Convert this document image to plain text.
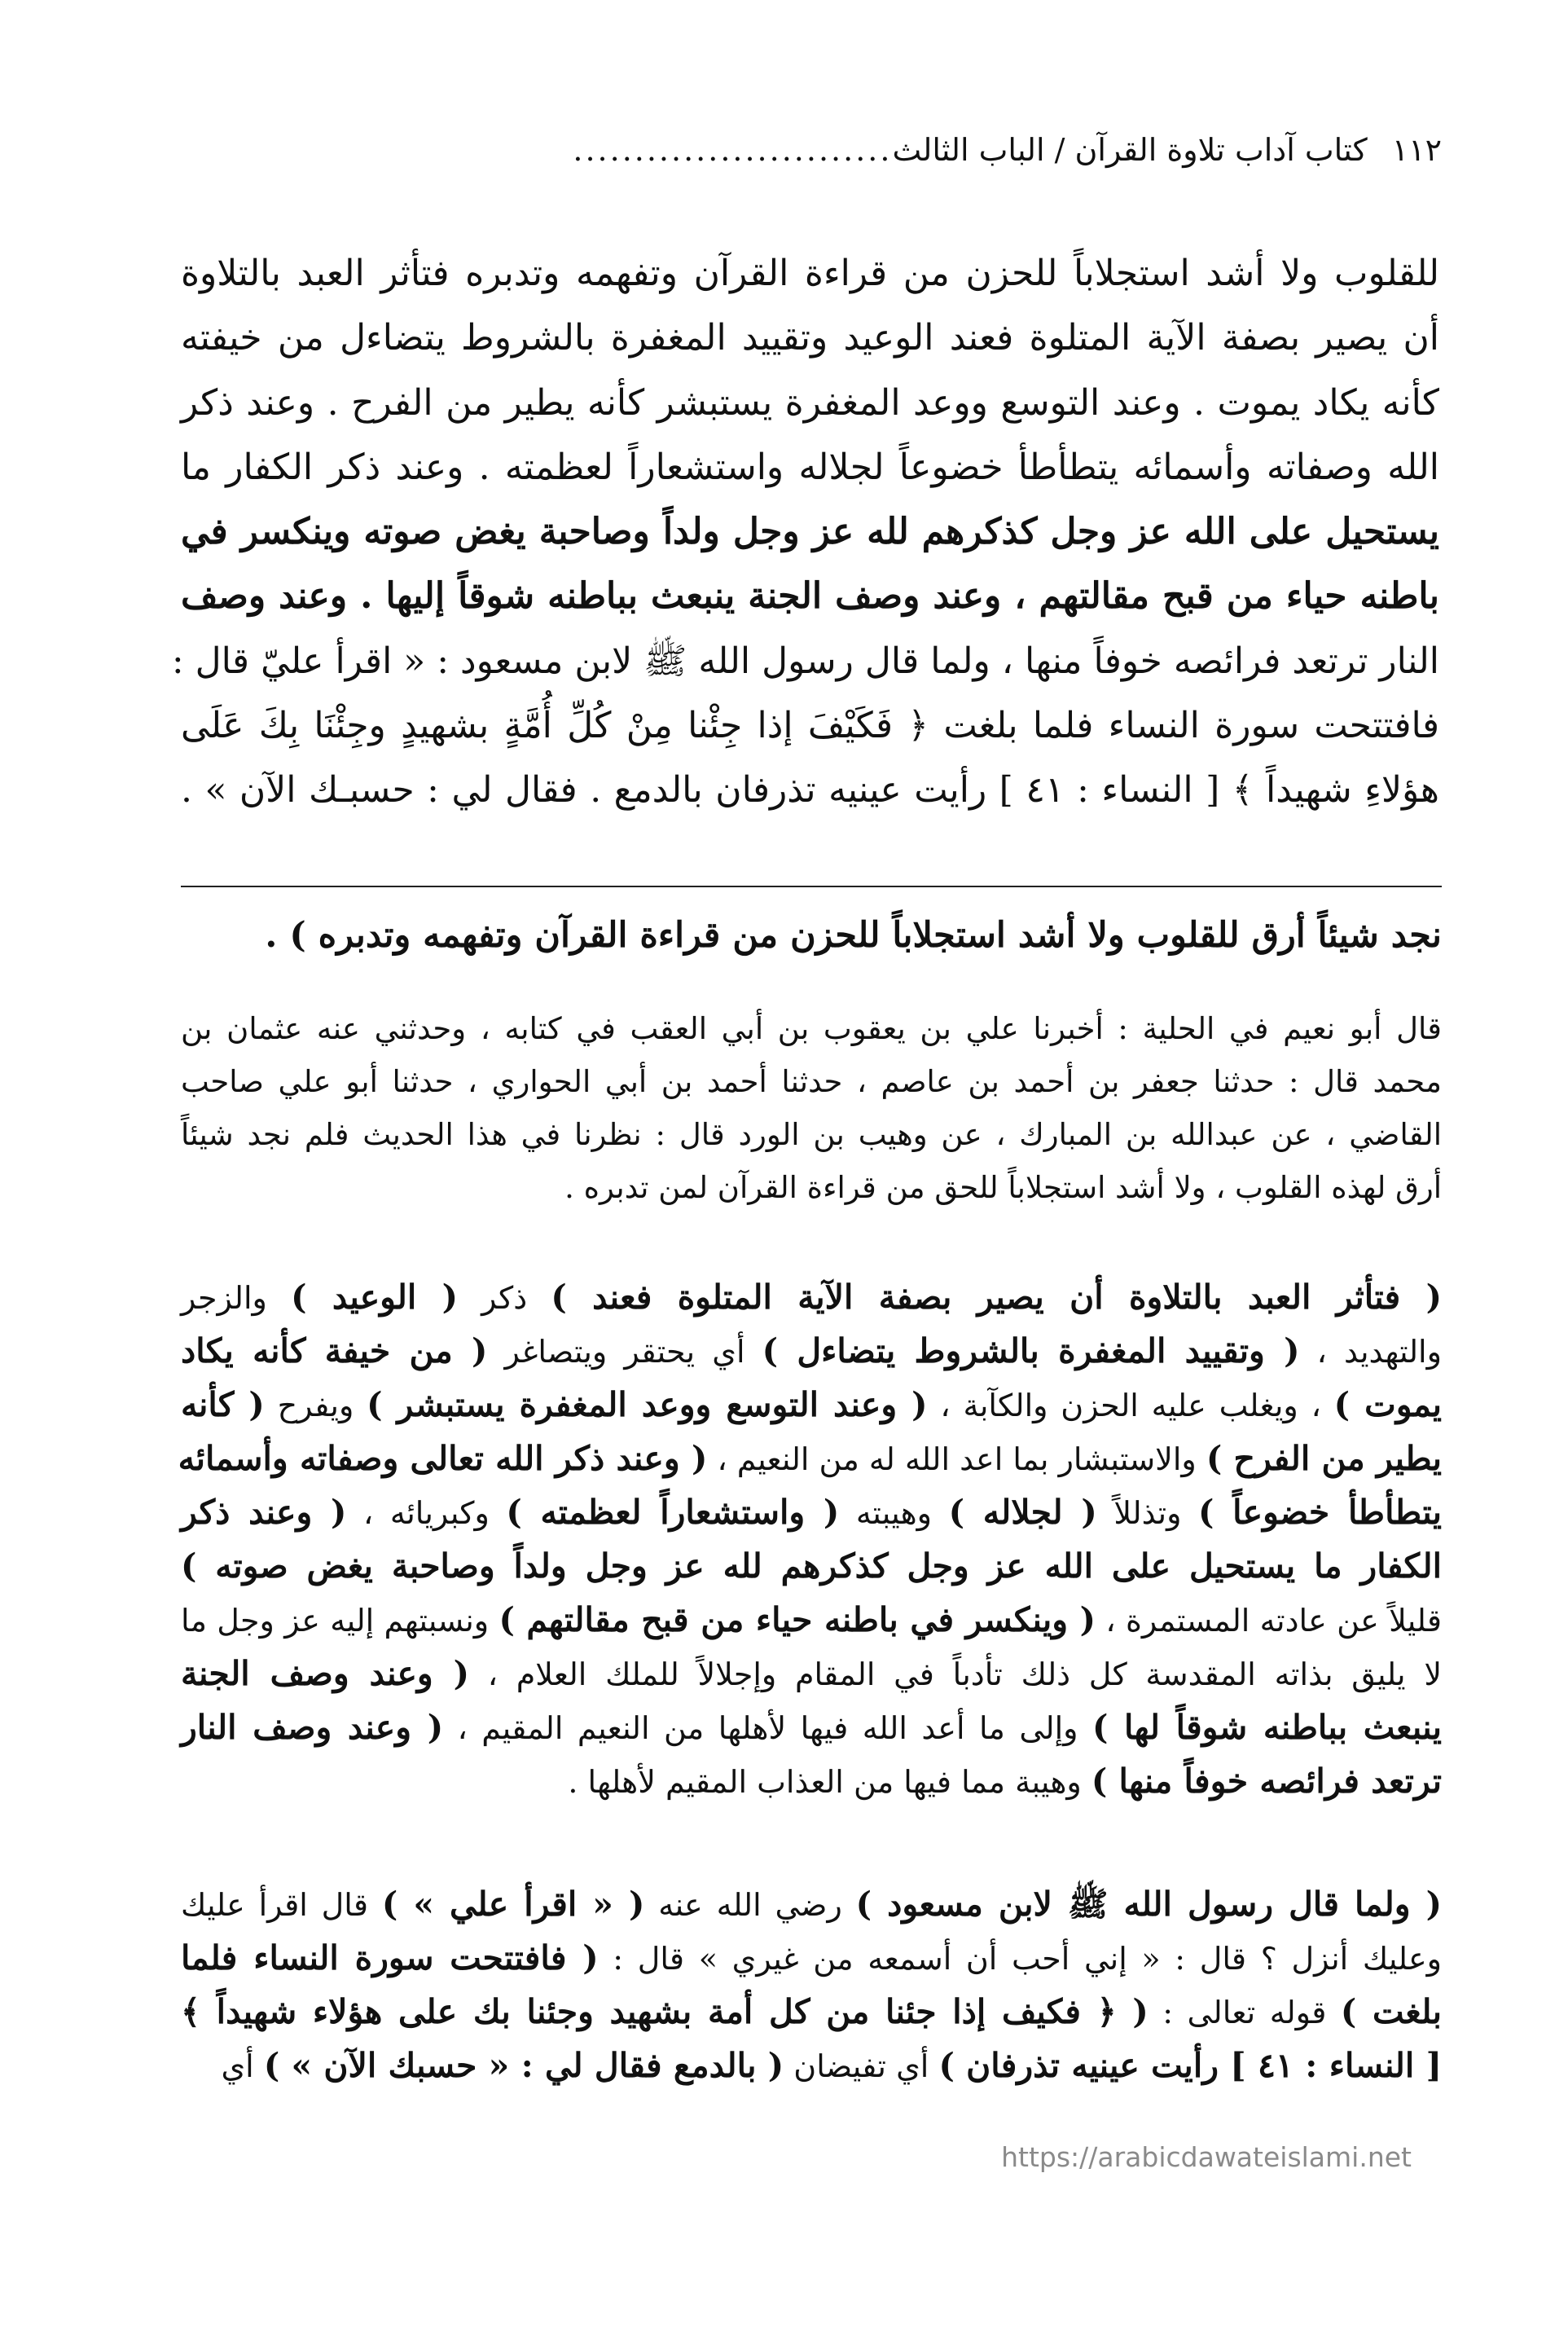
١١٢
كتاب آداب تلاوة القرآن / الباب الثالث
..........................
للقلوب ولا أشد استجلاباً للحزن من قراءة القرآن وتفهمه وتدبره فتأثر العبد بالتلاوة
أن يصير بصفة الآية المتلوة فعند الوعيد وتقييد المغفرة بالشروط يتضاءل من خيفته
كأنه يكاد يموت . وعند التوسع ووعد المغفرة يستبشر كأنه يطير من الفرح . وعند ذكر
الله وصفاته وأسمائه يتطأطأ خضوعاً لجلاله واستشعاراً لعظمته . وعند ذكر الكفار ما
يستحيل على الله عز وجل كذكرهم لله عز وجل ولداً وصاحبة يغض صوته وينكسر في
باطنه حياء من قبح مقالتهم ، وعند وصف الجنة ينبعث بباطنه شوقاً إليها . وعند وصف
النار ترتعد فرائصه خوفاً منها ، ولما قال رسول الله ﷺ لابن مسعود : « اقرأ عليّ قال :
فافتتحت سورة النساء فلما بلغت ﴿ فَكَيْفَ إذا جِئْنا مِنْ كُلِّ أُمَّةٍ بشهيدٍ وجِئْنَا بِكَ عَلَى
هؤلاءِ شهيداً ﴾ [ النساء : ٤١ ] رأيت عينيه تذرفان بالدمع . فقال لي : حسبـك الآن » .
نجد شيئاً أرق للقلوب ولا أشد استجلاباً للحزن من قراءة القرآن وتفهمه وتدبره ) .
قال أبو نعيم في الحلية : أخبرنا علي بن يعقوب بن أبي العقب في كتابه ، وحدثني عنه عثمان بن
محمد قال : حدثنا جعفر بن أحمد بن عاصم ، حدثنا أحمد بن أبي الحواري ، حدثنا أبو علي صاحب
القاضي ، عن عبدالله بن المبارك ، عن وهيب بن الورد قال : نظرنا في هذا الحديث فلم نجد شيئاً
أرق لهذه القلوب ، ولا أشد استجلاباً للحق من قراءة القرآن لمن تدبره .
( فتأثر العبد بالتلاوة أن يصير بصفة الآية المتلوة فعند ) ذكر ( الوعيد ) والزجر
والتهديد ، ( وتقييد المغفرة بالشروط يتضاءل ) أي يحتقر ويتصاغر ( من خيفة كأنه يكاد
يموت ) ، ويغلب عليه الحزن والكآبة ، ( وعند التوسع ووعد المغفرة يستبشر ) ويفرح ( كأنه
يطير من الفرح ) والاستبشار بما اعد الله له من النعيم ، ( وعند ذكر الله تعالى وصفاته وأسمائه
يتطأطأ خضوعاً ) وتذللاً ( لجلاله ) وهيبته ( واستشعاراً لعظمته ) وكبريائه ، ( وعند ذكر
الكفار ما يستحيل على الله عز وجل كذكرهم لله عز وجل ولداً وصاحبة يغض صوته )
قليلاً عن عادته المستمرة ، ( وينكسر في باطنه حياء من قبح مقالتهم ) ونسبتهم إليه عز وجل ما
لا يليق بذاته المقدسة كل ذلك تأدباً في المقام وإجلالاً للملك العلام ، ( وعند وصف الجنة
ينبعث بباطنه شوقاً لها ) وإلى ما أعد الله فيها لأهلها من النعيم المقيم ، ( وعند وصف النار
ترتعد فرائصه خوفاً منها ) وهيبة مما فيها من العذاب المقيم لأهلها .
( ولما قال رسول الله ﷺ لابن مسعود ) رضي الله عنه ( « اقرأ علي » ) قال اقرأ عليك
وعليك أنزل ؟ قال : « إني أحب أن أسمعه من غيري » قال : ( فافتتحت سورة النساء فلما
بلغت ) قوله تعالى : ( ﴿ فكيف إذا جئنا من كل أمة بشهيد وجئنا بك على هؤلاء شهيداً ﴾
[ النساء : ٤١ ] رأيت عينيه تذرفان ) أي تفيضان ( بالدمع فقال لي : « حسبك الآن » ) أي
https://arabicdawateislami.net
